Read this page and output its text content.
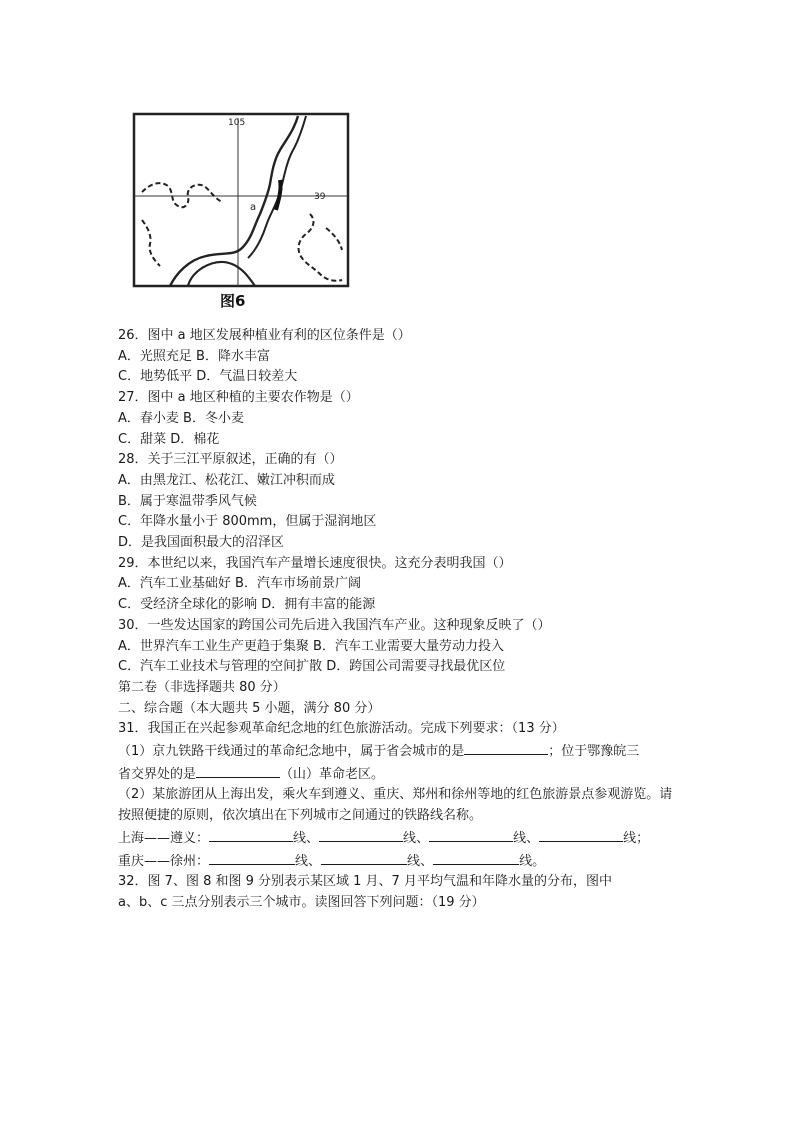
105
39
a
图6
26．图中 a 地区发展种植业有利的区位条件是（）
A．光照充足 B．降水丰富
C．地势低平 D．气温日较差大
27．图中 a 地区种植的主要农作物是（）
A．春小麦 B．冬小麦
C．甜菜 D．棉花
28．关于三江平原叙述，正确的有（）
A．由黑龙江、松花江、嫩江冲积而成
B．属于寒温带季风气候
C．年降水量小于 800mm，但属于湿润地区
D．是我国面积最大的沼泽区
29．本世纪以来，我国汽车产量增长速度很快。这充分表明我国（）
A．汽车工业基础好 B．汽车市场前景广阔
C．受经济全球化的影响 D．拥有丰富的能源
30．一些发达国家的跨国公司先后进入我国汽车产业。这种现象反映了（）
A．世界汽车工业生产更趋于集聚 B．汽车工业需要大量劳动力投入
C．汽车工业技术与管理的空间扩散 D．跨国公司需要寻找最优区位
第二卷（非选择题共 80 分）
二、综合题（本大题共 5 小题，满分 80 分）
31．我国正在兴起参观革命纪念地的红色旅游活动。完成下列要求：（13 分）
（1）京九铁路干线通过的革命纪念地中，属于省会城市的是	；位于鄂豫皖三
省交界处的是	（山）革命老区。
（2）某旅游团从上海出发，乘火车到遵义、重庆、郑州和徐州等地的红色旅游景点参观游览。请按照便捷的原则，依次填出在下列城市之间通过的铁路线名称。
上海——遵义：	线、	线、	线、	线；
重庆——徐州：	线、	线、	线。
32．图 7、图 8 和图 9 分别表示某区域 1 月、7 月平均气温和年降水量的分布，图中
a、b、c 三点分别表示三个城市。读图回答下列问题：（19 分）
